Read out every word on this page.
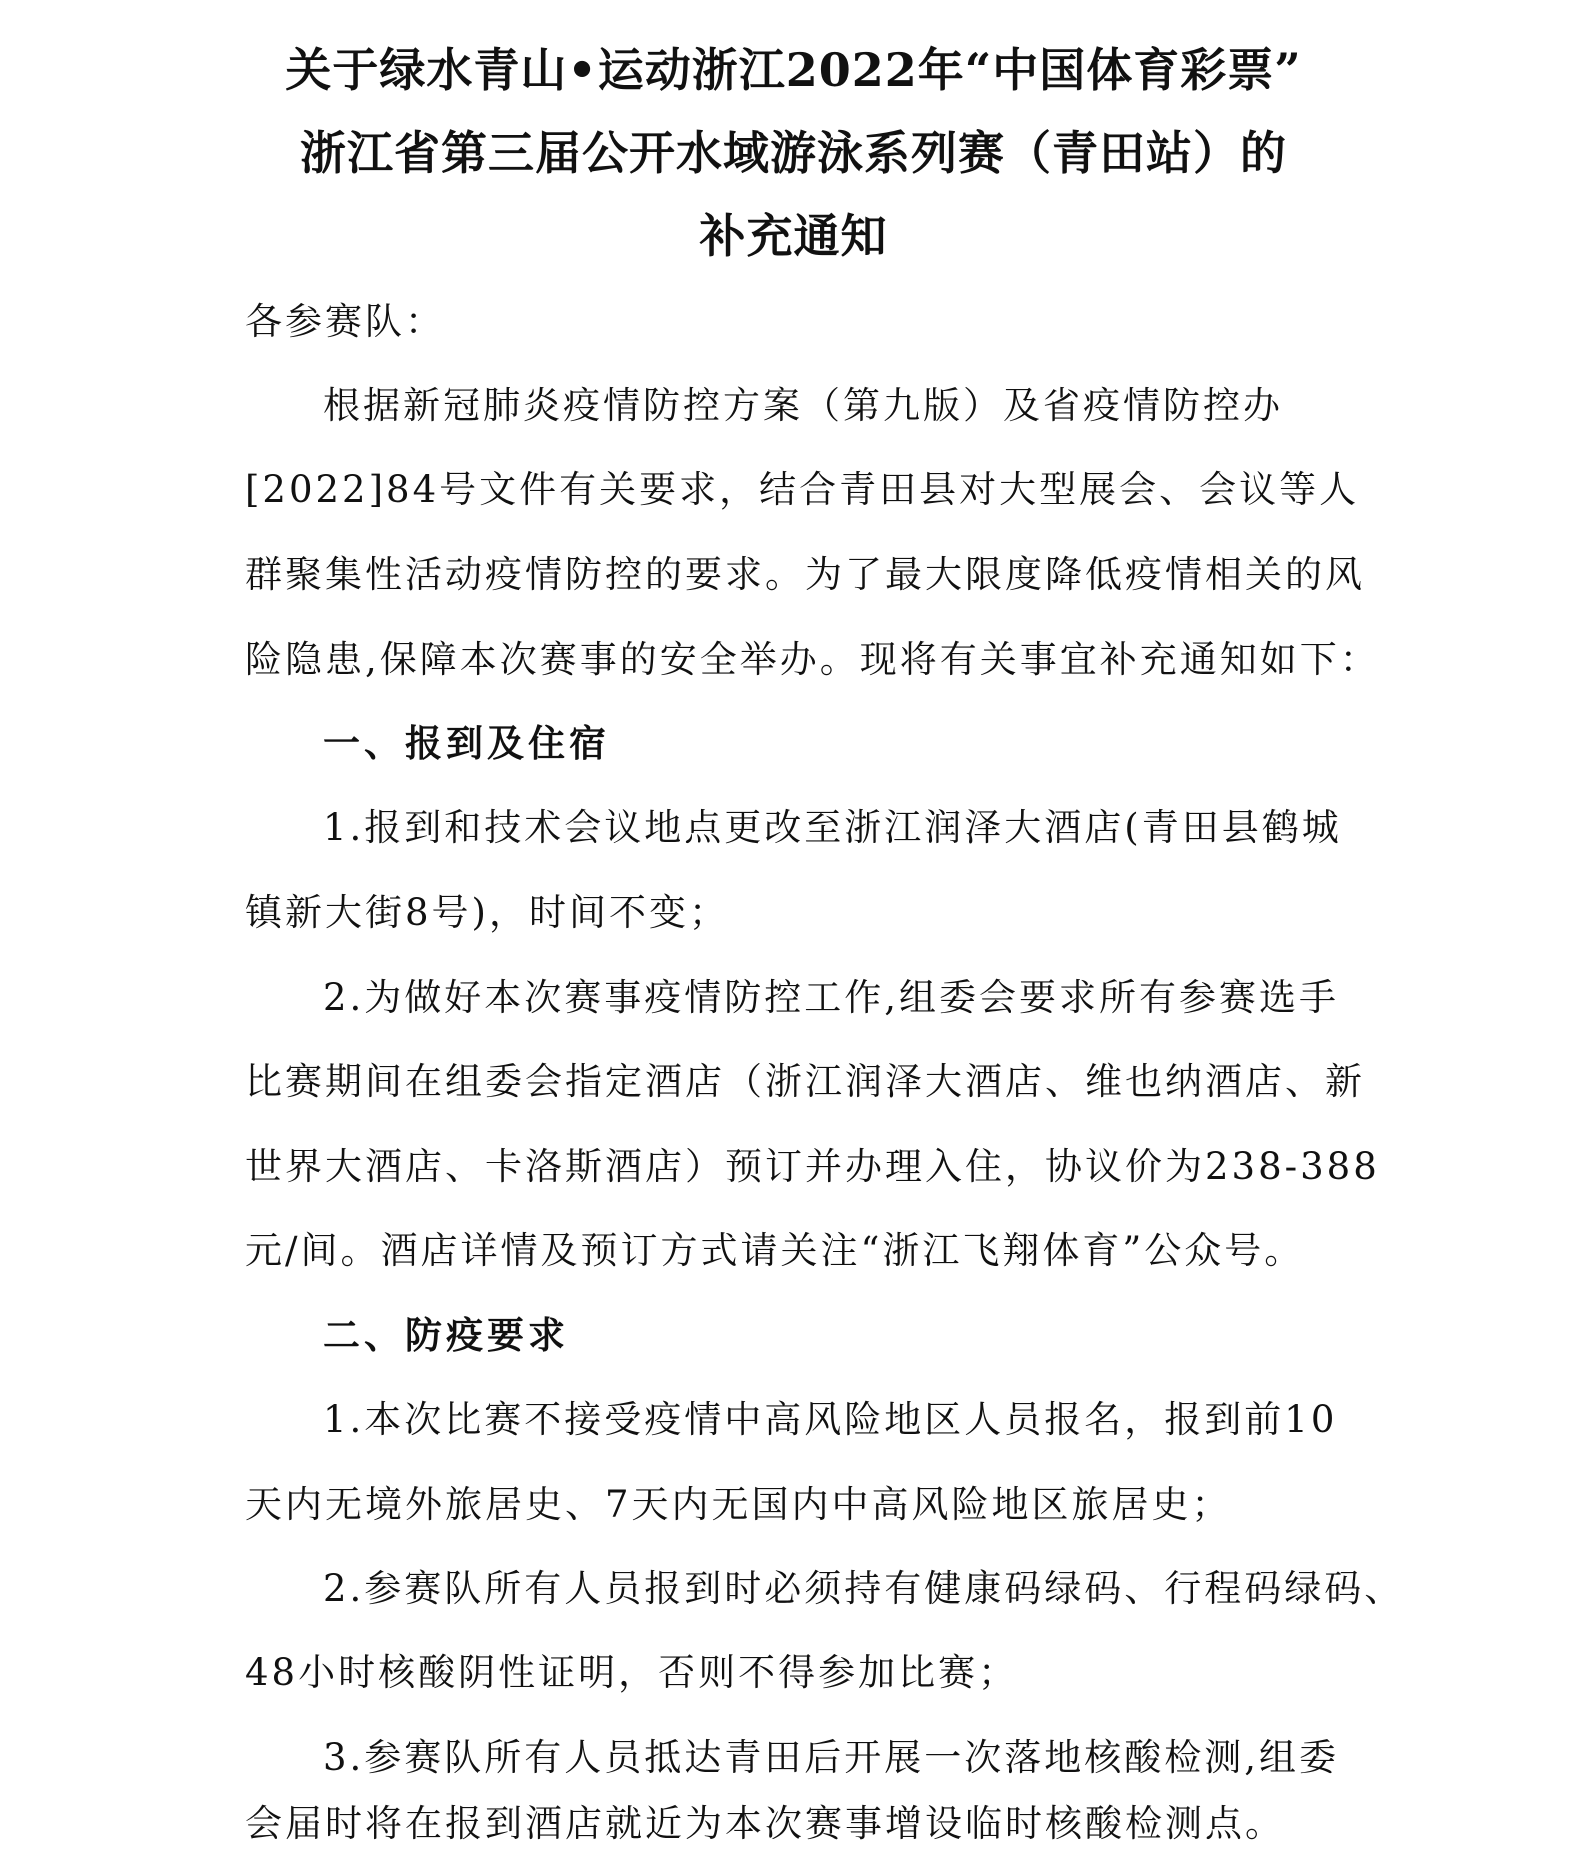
关于绿水青山•运动浙江2022年“中国体育彩票”
浙江省第三届公开水域游泳系列赛（青田站）的
补充通知

各参赛队：

根据新冠肺炎疫情防控方案（第九版）及省疫情防控办

[2022]84号文件有关要求，结合青田县对大型展会、会议等人

群聚集性活动疫情防控的要求。为了最大限度降低疫情相关的风

险隐患,保障本次赛事的安全举办。现将有关事宜补充通知如下：

一、报到及住宿

1.报到和技术会议地点更改至浙江润泽大酒店(青田县鹤城

镇新大街8号)，时间不变；

2.为做好本次赛事疫情防控工作,组委会要求所有参赛选手

比赛期间在组委会指定酒店（浙江润泽大酒店、维也纳酒店、新

世界大酒店、卡洛斯酒店）预订并办理入住，协议价为238-388

元/间。酒店详情及预订方式请关注“浙江飞翔体育”公众号。

二、防疫要求

1.本次比赛不接受疫情中高风险地区人员报名，报到前10

天内无境外旅居史、7天内无国内中高风险地区旅居史；

2.参赛队所有人员报到时必须持有健康码绿码、行程码绿码、

48小时核酸阴性证明，否则不得参加比赛；

3.参赛队所有人员抵达青田后开展一次落地核酸检测,组委

会届时将在报到酒店就近为本次赛事增设临时核酸检测点。
